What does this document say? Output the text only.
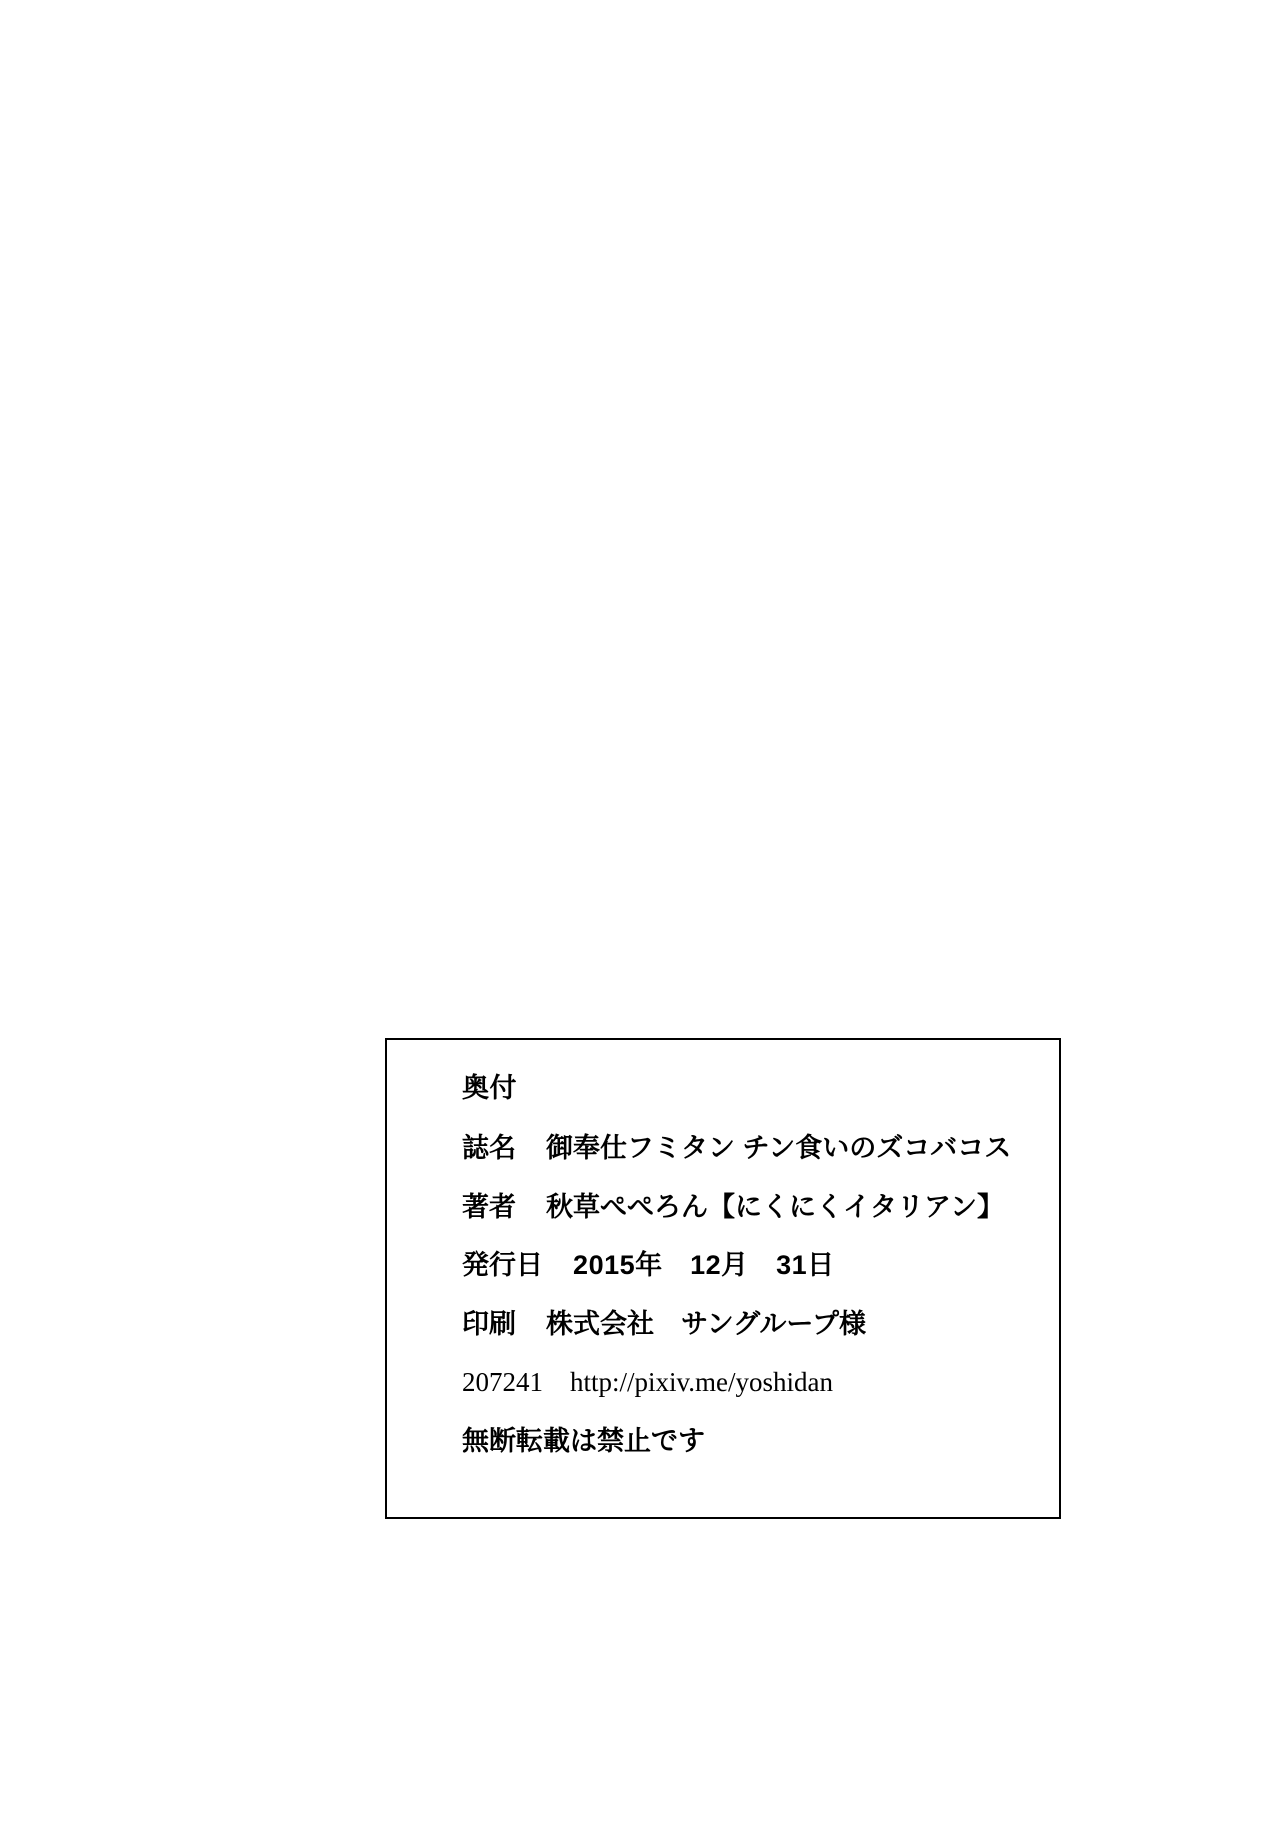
奥付
誌名 御奉仕フミタン チン食いのズコバコス
著者 秋草ぺぺろん【にくにくイタリアン】
発行日 2015年　12月　31日
印刷 株式会社　サングループ様
207241　http://pixiv.me/yoshidan
無断転載は禁止です
